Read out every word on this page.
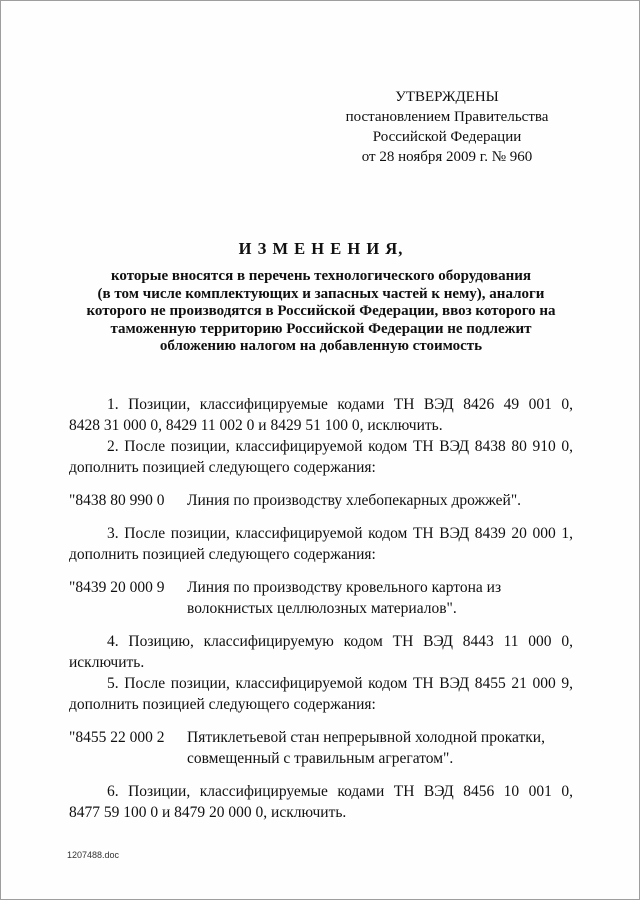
УТВЕРЖДЕНЫ
постановлением Правительства
Российской Федерации
от 28 ноября 2009 г. № 960
И З М Е Н Е Н И Я,
которые вносятся в перечень технологического оборудования
(в том числе комплектующих и запасных частей к нему), аналоги
которого не производятся в Российской Федерации, ввоз которого на
таможенную территорию Российской Федерации не подлежит
обложению налогом на добавленную стоимость

1. Позиции, классифицируемые кодами ТН ВЭД 8426 49 001 0, 8428 31 000 0, 8429 11 002 0 и 8429 51 100 0, исключить.

2. После позиции, классифицируемой кодом ТН ВЭД 8438 80 910 0, дополнить позицией следующего содержания:

"8438 80 990 0	Линия по производству хлебопекарных дрожжей".

3. После позиции, классифицируемой кодом ТН ВЭД 8439 20 000 1, дополнить позицией следующего содержания:

"8439 20 000 9	Линия по производству кровельного картона из волокнистых целлюлозных материалов".

4. Позицию, классифицируемую кодом ТН ВЭД 8443 11 000 0, исключить.

5. После позиции, классифицируемой кодом ТН ВЭД 8455 21 000 9, дополнить позицией следующего содержания:

"8455 22 000 2	Пятиклетьевой стан непрерывной холодной прокатки, совмещенный с травильным агрегатом".

6. Позиции, классифицируемые кодами ТН ВЭД 8456 10 001 0, 8477 59 100 0 и 8479 20 000 0, исключить.

1207488.doc
